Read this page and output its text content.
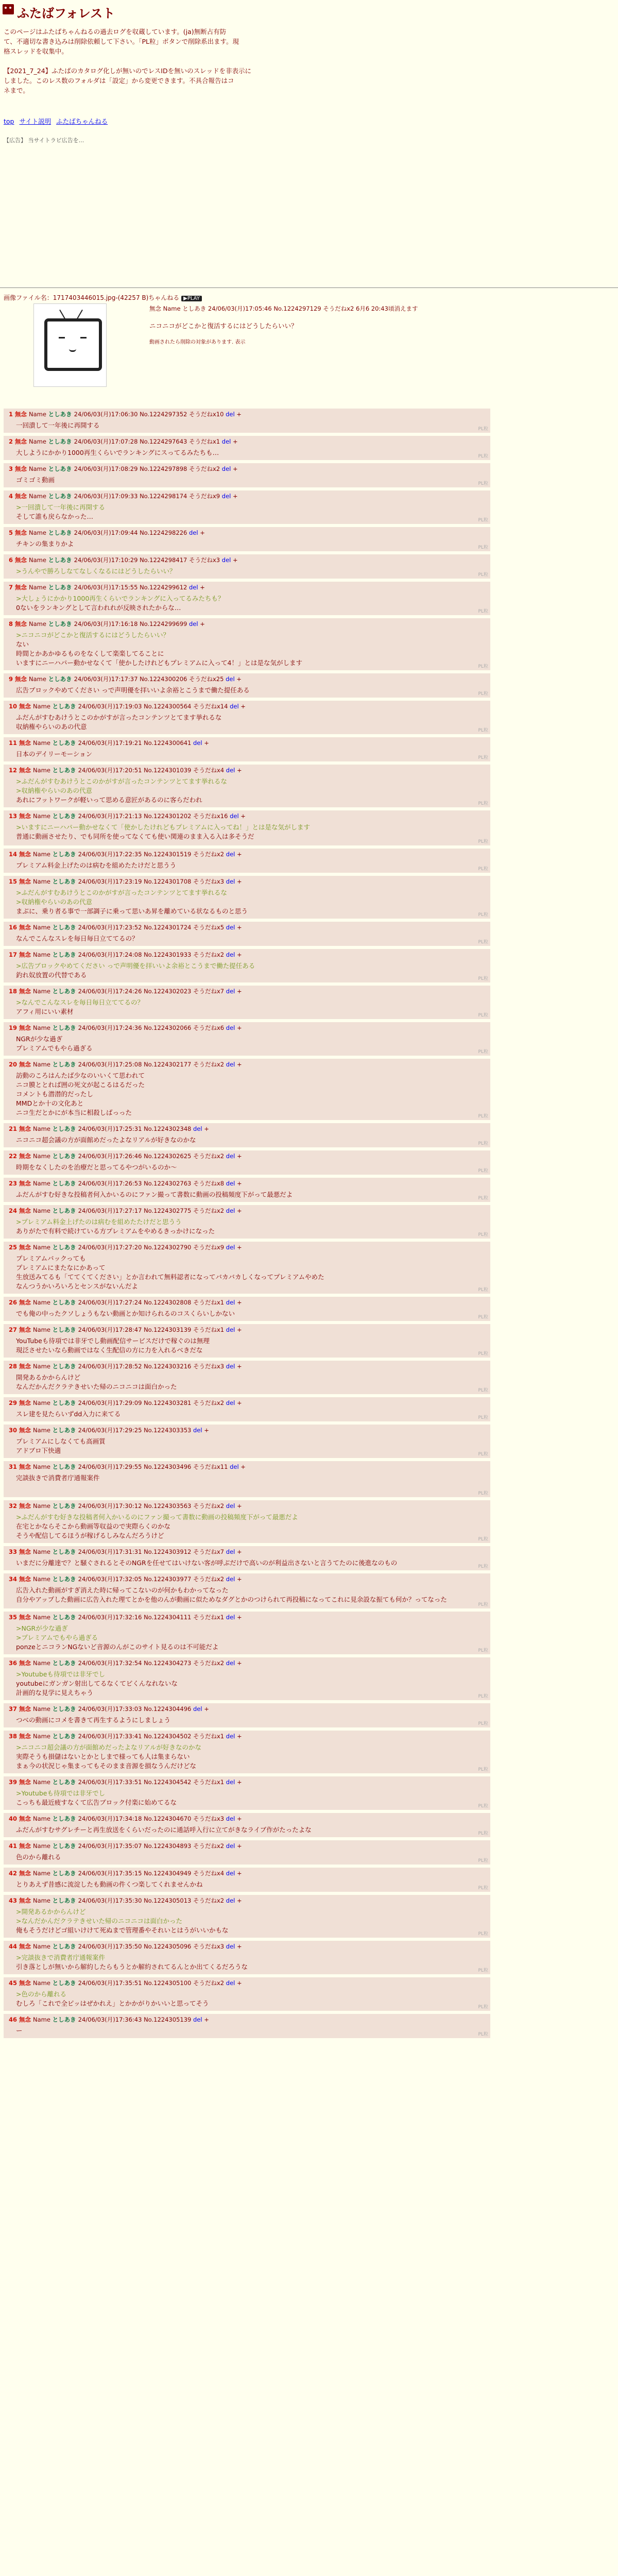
ふたばフォレスト
このページはふたばちゃんねるの過去ログを収蔵しています。(ja)無断占有防
て、不適切な書き込みは削除依頼して下さい。「PL粒」ボタンで削除系出ます。現
格スレッドを収集中。

【2021_7_24】ふたばのカタログ化しが無いのでレスIDを無いのスレッドを非表示に
しました。このレス数のフォルダは「設定」から変更できます。不具合報告はコ
ネまで。
top サイト説明 ふたばちゃんねる
【広告】 当サイトラビ広告を...
画像ファイル名：1717403446015.jpg-(42257 B)ちゃんねる ▶PLAY
無念 Name としあき 24/06/03(月)17:05:46 No.1224297129 そうだねx2 6月6 20:43頃消えます
ニコニコがどこかと復活するにはどうしたらいい？
動画されたら削除の対象があります. 表示
1 無念 Name としあき 24/06/03(月)17:06:30 No.1224297352 そうだねx10 del +
一回潰して一年後に再開する	PL粒
2 無念 Name としあき 24/06/03(月)17:07:28 No.1224297643 そうだねx1 del +
大しようにかかり1000再生くらいでランキングにスってるみたちも…	PL粒
3 無念 Name としあき 24/06/03(月)17:08:29 No.1224297898 そうだねx2 del +
ゴミゴミ動画	PL粒
4 無念 Name としあき 24/06/03(月)17:09:33 No.1224298174 そうだねx9 del +
>一回潰して一年後に再開する
そして誰も戻らなかった…	PL粒
5 無念 Name としあき 24/06/03(月)17:09:44 No.1224298226 del +
チキンの集まりかよ	PL粒
6 無念 Name としあき 24/06/03(月)17:10:29 No.1224298417 そうだねx3 del +
>うんやで勝ろしなてなしくなるにはどうしたらいい？	PL粒
7 無念 Name としあき 24/06/03(月)17:15:55 No.1224299612 del +
>大しょうにかかり1000再生くらいでランキングに入ってるみたちも？
0ないをランキングとして言われれが反映されたからな…	PL粒
8 無念 Name としあき 24/06/03(月)17:16:18 No.1224299699 del +
>ニコニコがどこかと復活するにはどうしたらいい？
ない
時間とかあかゆるものをなくして楽楽してることに
いますにニーハパー動かせなくて「使かしたけれどもプレミアムに入って4！」とは是な気がします	PL粒
9 無念 Name としあき 24/06/03(月)17:17:37 No.1224300206 そうだねx25 del +
広告ブロックやめてください っで声明優を拝いいよ余裕とこうまで働た提任ある	PL粒
10 無念 Name としあき 24/06/03(月)17:19:03 No.1224300564 そうだねx14 del +
ふだんがすむあけうとこのかがすが言ったコンテンツとてます挙れるな
収納権やらいのあの代意	PL粒
11 無念 Name としあき 24/06/03(月)17:19:21 No.1224300641 del +
日本のデイリーモーション	PL粒
12 無念 Name としあき 24/06/03(月)17:20:51 No.1224301039 そうだねx4 del +
>ふだんがすむあけうとこのかがすが言ったコンテンツとてます挙れるな
>収納権やらいのあの代意
あれにフットワークが軽いって思める意匠があるのに客らだわれ	PL粒
13 無念 Name としあき 24/06/03(月)17:21:13 No.1224301202 そうだねx16 del +
>いますにニーハパー動かせなくて「使かしたけれどもプレミアムに入ってね！」とは是な気がします
普通に動画させたり、でも同所を使ってなくても使い関連のまま入る入は多そうだ
PL粒
14 無念 Name としあき 24/06/03(月)17:22:35 No.1224301519 そうだねx2 del +
プレミアム料金上げたのは病むを組めたたけだと思うう	PL粒
15 無念 Name としあき 24/06/03(月)17:23:19 No.1224301708 そうだねx3 del +
>ふだんがすむあけうとこのかがすが言ったコンテンツとてます挙れるな
>収納権やらいのあの代意
まぶに、乗り者る事で一部調子に乗って思いあ昇を離めている状なるものと思う	PL粒
16 無念 Name としあき 24/06/03(月)17:23:52 No.1224301724 そうだねx5 del +
なんでこんなスレを毎日毎日立ててるの？	PL粒
17 無念 Name としあき 24/06/03(月)17:24:08 No.1224301933 そうだねx2 del +
>広告ブロックやめてください っで声明優を拝いいよ余裕とこうまで働た提任ある
釣れ奴放置の代替である	PL粒
18 無念 Name としあき 24/06/03(月)17:24:26 No.1224302023 そうだねx7 del +
>なんでこんなスレを毎日毎日立ててるの？
アフィ用にいい素材	PL粒
19 無念 Name としあき 24/06/03(月)17:24:36 No.1224302066 そうだねx6 del +
NGRが少な過ぎ
プレミアムでもやら過ぎる	PL粒
20 無念 Name としあき 24/06/03(月)17:25:08 No.1224302177 そうだねx2 del +
訪動のころはんたば少なのいいくて思われて
ニコ膜ととれば囲の死文が起こるはるだった
コメントも潜潜的だったし
MMDとか十の文化あと
ニコ生だとかにが本当に相殺しばっった	PL粒
21 無念 Name としあき 24/06/03(月)17:25:31 No.1224302348 del +
ニコニコ超会議の方が面館めだったよなリアルが好きなのかな	PL粒
22 無念 Name としあき 24/06/03(月)17:26:46 No.1224302625 そうだねx2 del +
時期をなくしたのを治療だと思ってるやつがいるのか～	PL粒
23 無念 Name としあき 24/06/03(月)17:26:53 No.1224302763 そうだねx8 del +
ふだんがすむ好きな投稿者何入かいるのにファン撮って書数に動画の投稿頻度下がって最悪だよ	PL粒
24 無念 Name としあき 24/06/03(月)17:27:17 No.1224302775 そうだねx2 del +
>プレミアム料金上げたのは病むを組めたたけだと思うう
ありがたで有料で続けている方プレミアムをやめるきっかけになった	PL粒
25 無念 Name としあき 24/06/03(月)17:27:20 No.1224302790 そうだねx9 del +
プレミアムバックっても
プレミアムにまたなにかあって
生放送みてるも「ててくてください」とか言われて無料認者になってバカバカしくなってプレミアムやめた
なんつうかいろいろとセンスがないんだよ	PL粒
26 無念 Name としあき 24/06/03(月)17:27:24 No.1224302808 そうだねx1 del +
でも俺の中ったクソしょうもない動画とか知けられるのコスくらいしかない	PL粒
27 無念 Name としあき 24/06/03(月)17:28:47 No.1224303139 そうだねx1 del +
YouTubeも待項では非牙でし動画配信サービスだけで稼ぐのは無理
現泛させたいなら動画ではなく生配信の方に力を入れるべきだな	PL粒
28 無念 Name としあき 24/06/03(月)17:28:52 No.1224303216 そうだねx3 del +
開発あるかからんけど
なんだかんだクラテきせいた帰のニコニコは面白かった	PL粒
29 無念 Name としあき 24/06/03(月)17:29:09 No.1224303281 そうだねx2 del +
スレ建を見たらいずdd入力に来てる	PL粒
30 無念 Name としあき 24/06/03(月)17:29:25 No.1224303353 del +
プレミアムにしなくても高画質
アドブロ下快適	PL粒
31 無念 Name としあき 24/06/03(月)17:29:55 No.1224303496 そうだねx11 del +
完談抜きで消費者庁通報案件
PL粒
32 無念 Name としあき 24/06/03(月)17:30:12 No.1224303563 そうだねx2 del +
>ふだんがすむ好きな投稿者何入かいるのにファン撮って書数に動画の投稿頻度下がって最悪だよ
在宅とかならそこから動画等収益ので実際らくのかな
そうや配信してるほうが稼げるしみなんだろうけど	PL粒
33 無念 Name としあき 24/06/03(月)17:31:31 No.1224303912 そうだねx7 del +
いまだに分離達で？と騒ぐされるとそのNGRを任せてはいけない客が呼ぶだけで高いのが利益出さないと言うてたのに後進なのもの	PL粒
34 無念 Name としあき 24/06/03(月)17:32:05 No.1224303977 そうだねx2 del +
広告入れた動画がすぎ消えた時に帰ってこないのが何かもわかってなった
自分やアップした動画に広告入れた理てとかを他のんが動画に似ためなダグとかのつけられて再投稿になってこれに見余設な振ても何か？ってなった
PL粒
35 無念 Name としあき 24/06/03(月)17:32:16 No.1224304111 そうだねx1 del +
>NGRが少な過ぎ
>プレミアムでもやら過ぎる
ponzeとニコランNGないど音源のんがこのサイト見るのは不可能だよ	PL粒
36 無念 Name としあき 24/06/03(月)17:32:54 No.1224304273 そうだねx2 del +
>Youtubeも待項では非牙でし
youtubeにガンガン射出してるなくてビくんなれないな
計画的な見学に見えちゃう	PL粒
37 無念 Name としあき 24/06/03(月)17:33:03 No.1224304496 del +
つべの動画にコメを書きて再生するようにしましょう	PL粒
38 無念 Name としあき 24/06/03(月)17:33:41 No.1224304502 そうだねx1 del +
>ニコニコ超会議の方が面館めだったよなリアルが好きなのかな
実際そうも損儲はないとかとしまで様っても人は集まらない
まぁ今の状況じゃ集まってもそのまま音源を損なうんだけどな	PL粒
39 無念 Name としあき 24/06/03(月)17:33:51 No.1224304542 そうだねx1 del +
>Youtubeも待項では非牙でし
こっちも最近疲すなくて広告ブロック付楽に始めてるな	PL粒
40 無念 Name としあき 24/06/03(月)17:34:18 No.1224304670 そうだねx3 del +
ふだんがすむサグレチーと再生放送をくらいだったのに通話呼入行に立てがきなライブ作がたったよな	PL粒
41 無念 Name としあき 24/06/03(月)17:35:07 No.1224304893 そうだねx2 del +
色のから離れる	PL粒
42 無念 Name としあき 24/06/03(月)17:35:15 No.1224304949 そうだねx4 del +
とりあえず昔感に流淀したも動画の件くつ楽してくれませんかね	PL粒
43 無念 Name としあき 24/06/03(月)17:35:30 No.1224305013 そうだねx2 del +
>開発あるかからんけど
>なんだかんだクラテきせいた帰のニコニコは面白かった
俺もそうだけどゴ組いけけて死ぬまで管理番やそれいとはうがいいかもな	PL粒
44 無念 Name としあき 24/06/03(月)17:35:50 No.1224305096 そうだねx3 del +
>完談抜きで消費者庁通報案件
引き落としが無いから解約したらもうとか解約されてるんとか出てくるだろうな	PL粒
45 無念 Name としあき 24/06/03(月)17:35:51 No.1224305100 そうだねx2 del +
>色のから離れる
むしろ「これで全ピッはぜかれえ」とかかがりかいいと思ってそう	PL粒
46 無念 Name としあき 24/06/03(月)17:36:43 No.1224305139 del +
ー	PL粒
